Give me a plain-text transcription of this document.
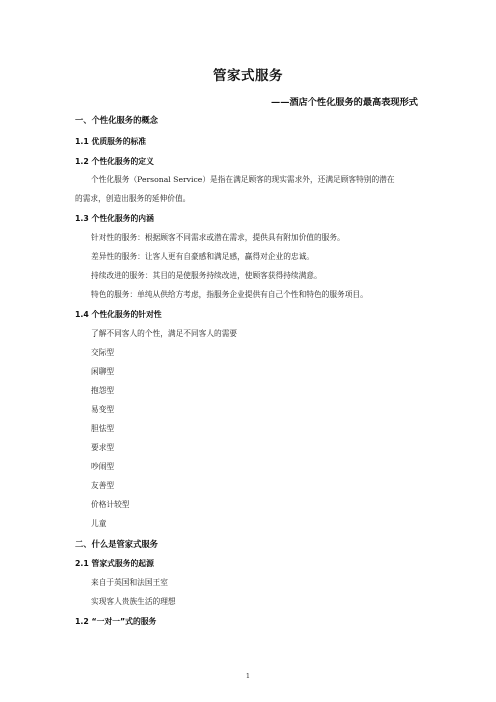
管家式服务
——酒店个性化服务的最高表现形式
一、个性化服务的概念
1.1 优质服务的标准
1.2 个性化服务的定义
个性化服务（Personal Service）是指在满足顾客的现实需求外，还满足顾客特别的潜在
的需求，创造出服务的延伸价值。
1.3 个性化服务的内涵
针对性的服务：根据顾客不同需求或潜在需求，提供具有附加价值的服务。
差异性的服务：让客人更有自豪感和满足感，赢得对企业的忠诚。
持续改进的服务：其目的是使服务持续改进，使顾客获得持续满意。
特色的服务：单纯从供给方考虑，指服务企业提供有自己个性和特色的服务项目。
1.4 个性化服务的针对性
了解不同客人的个性，满足不同客人的需要
交际型
闲聊型
抱怨型
易变型
胆怯型
要求型
吵闹型
友善型
价格计较型
儿童
二、什么是管家式服务
2.1 管家式服务的起源
来自于英国和法国王室
实现客人贵族生活的理想
1.2 “一对一”式的服务
1
